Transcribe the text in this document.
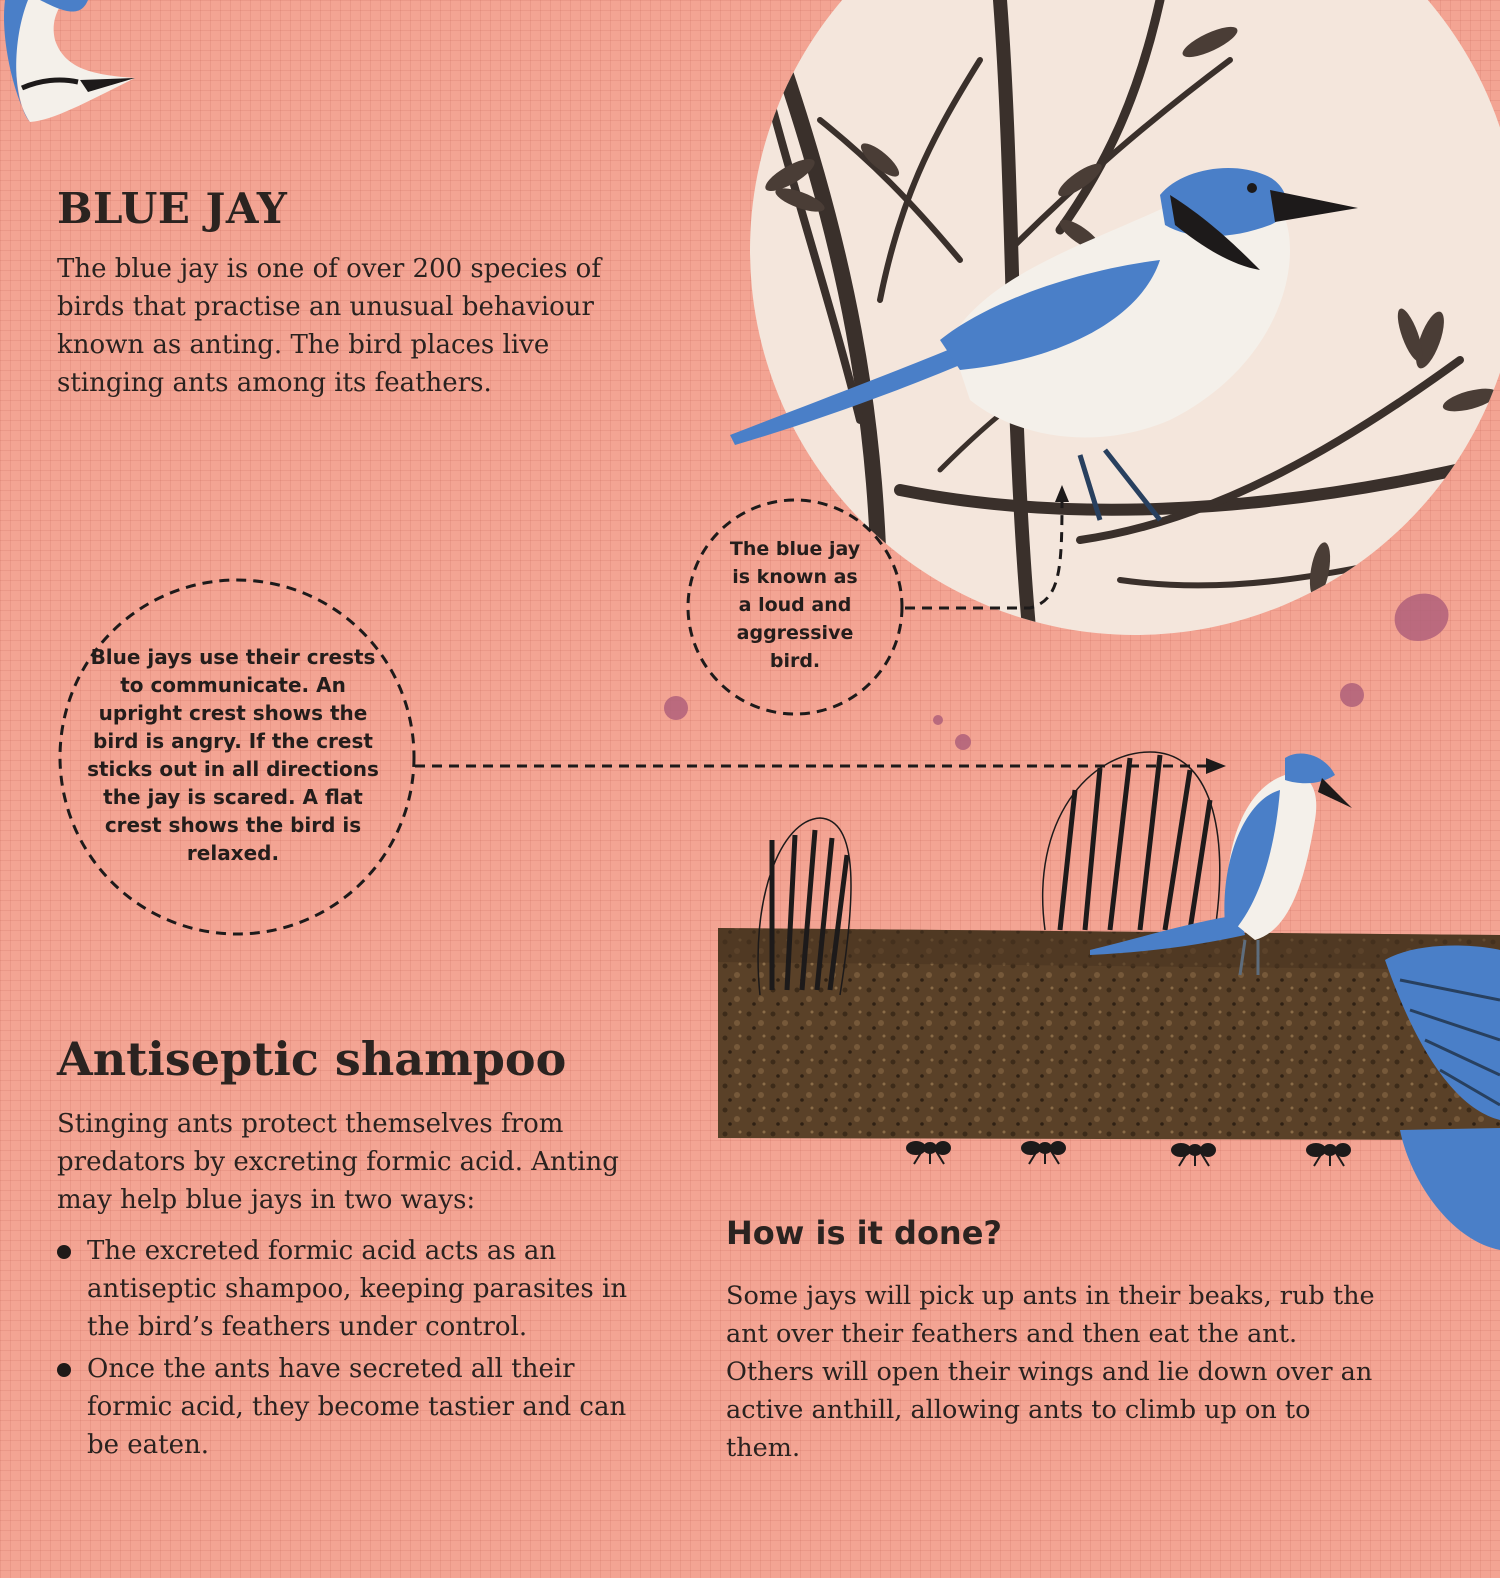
BLUE JAY

The blue jay is one of over 200 species of birds that practise an unusual behaviour known as anting. The bird places live stinging ants among its feathers.

Blue jays use their crests to communicate. An upright crest shows the bird is angry. If the crest sticks out in all directions the jay is scared. A flat crest shows the bird is relaxed.
The blue jay is known as a loud and aggressive bird.
Antiseptic shampoo

Stinging ants protect themselves from predators by excreting formic acid. Anting may help blue jays in two ways:

The excreted formic acid acts as an antiseptic shampoo, keeping parasites in the bird’s feathers under control.
Once the ants have secreted all their formic acid, they become tastier and can be eaten.
How is it done?

Some jays will pick up ants in their beaks, rub the ant over their feathers and then eat the ant. Others will open their wings and lie down over an active anthill, allowing ants to climb up on to them.
